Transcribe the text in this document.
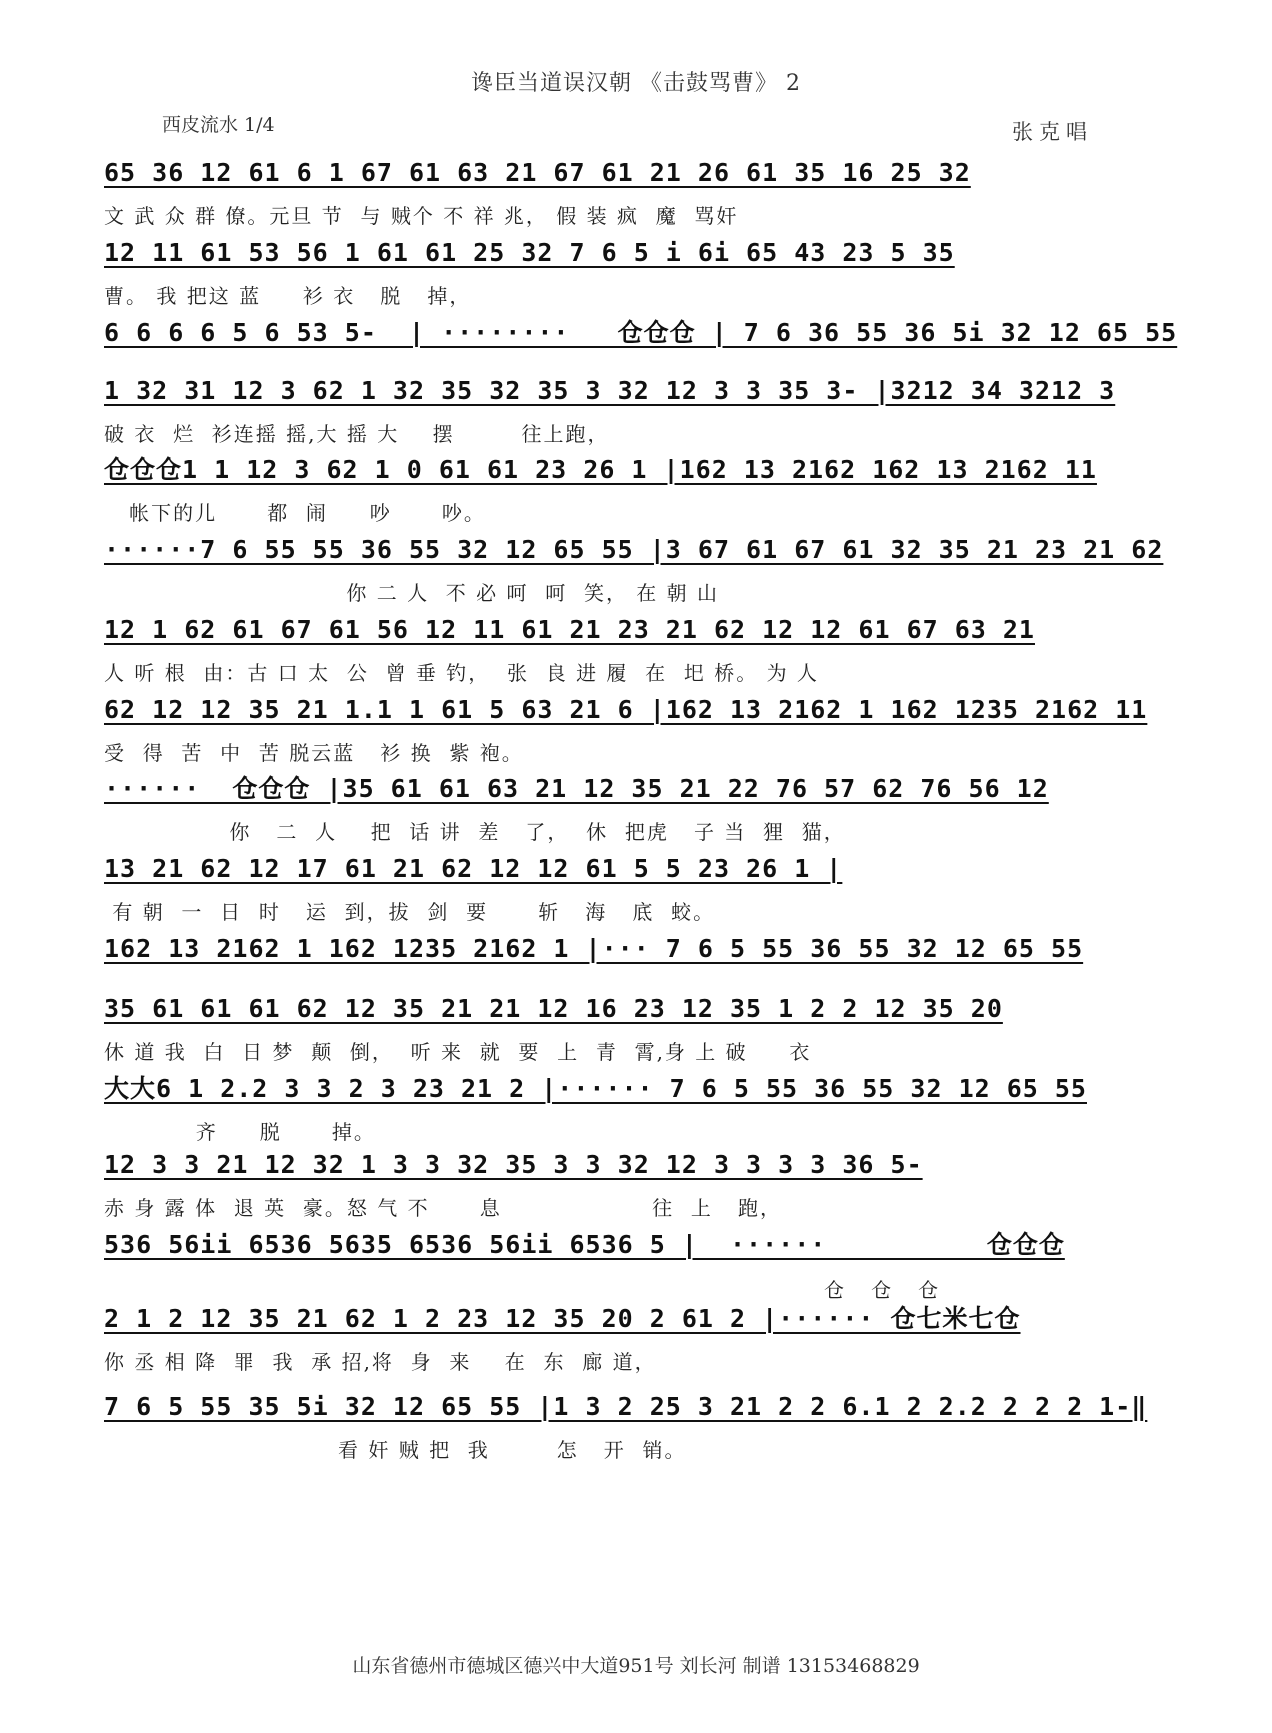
谗臣当道误汉朝 《击鼓骂曹》 2
西皮流水 1/4	张克唱
65 36 12 61 6 1 67 61 63 21 67 61 21 26 61 35 16 25 32
文 武 众 群 僚。元旦 节  与 贼个 不 祥 兆， 假 装 疯  魔  骂奸
12 11 61 53 56 1 61 61 25 32 7 6 5 i 6i 65 43 23 5 35
曹。 我 把这 蓝     衫 衣   脱   掉，
6 6 6 6 5 6 53 5-  | ········   仓仓仓 | 7 6 36 55 36 5i 32 12 65 55
1 32 31 12 3 62 1 32 35 32 35 3 32 12 3 3 35 3- |3212 34 3212 3
破 衣  烂  衫连摇 摇,大 摇 大    摆        往上跑，
仓仓仓1 1 12 3 62 1 0 61 61 23 26 1 |162 13 2162 162 13 2162 11
帐下的儿      都  闹     吵      吵。
······7 6 55 55 36 55 32 12 65 55 |3 67 61 67 61 32 35 21 23 21 62
你 二 人  不 必 呵  呵  笑， 在 朝 山
12 1 62 61 67 61 56 12 11 61 21 23 21 62 12 12 61 67 63 21
人 听 根  由：古 口 太  公  曾 垂 钓，  张  良 进 履  在  圯 桥。 为 人
62 12 12 35 21 1.1 1 61 5 63 21 6 |162 13 2162 1 162 1235 2162 11
受  得  苦  中  苦 脱云蓝   衫 换  紫 袍。
······  仓仓仓 |35 61 61 63 21 12 35 21 22 76 57 62 76 56 12
你   二  人    把  话 讲  差   了，  休  把虎   子 当  狸  猫，
13 21 62 12 17 61 21 62 12 12 61 5 5 23 26 1 |
有 朝  一  日  时   运  到，拔  剑  要      斩   海   底  蛟。
162 13 2162 1 162 1235 2162 1 |··· 7 6 5 55 36 55 32 12 65 55
35 61 61 61 62 12 35 21 21 12 16 23 12 35 1 2 2 12 35 20
休 道 我  白  日 梦  颠  倒，  听 来  就  要  上  青  霄,身 上 破     衣
大大6 1 2.2 3 3 2 3 23 21 2 |······ 7 6 5 55 36 55 32 12 65 55
齐     脱      掉。
12 3 3 21 12 32 1 3 3 32 35 3 3 32 12 3 3 3 3 36 5-
赤 身 露 体  退 英  豪。怒 气 不      息                  往  上   跑，
536 56ii 6536 5635 6536 56ii 6536 5 |  ······          仓仓仓
仓   仓   仓
2 1 2 12 35 21 62 1 2 23 12 35 20 2 61 2 |······ 仓七米七仓
你 丞 相 降  罪  我  承 招,将  身  来    在  东  廊 道，
7 6 5 55 35 5i 32 12 65 55 |1 3 2 25 3 21 2 2 6.1 2 2.2 2 2 2 1-‖
看 奸 贼 把  我        怎   开  销。
山东省德州市德城区德兴中大道951号 刘长河 制谱 13153468829
